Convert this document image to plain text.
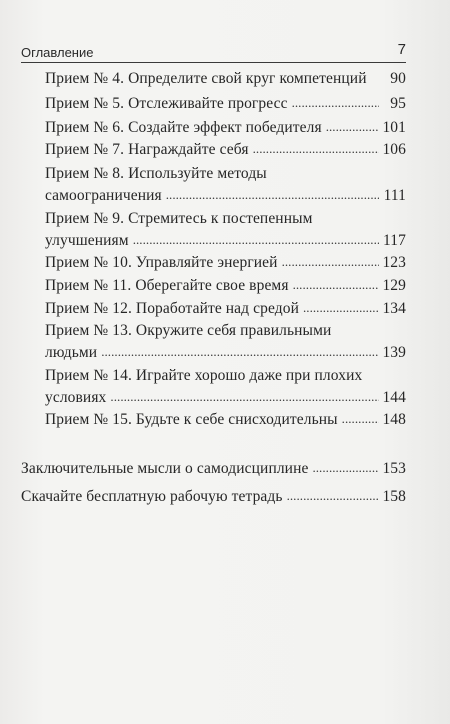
Оглавление	7
Прием № 4. Определите свой круг компетенций	90
Прием № 5. Отслеживайте прогресс . . .	95
Прием № 6. Создайте эффект победителя . . .	101
Прием № 7. Награждайте себя . . .	106
Прием № 8. Используйте методы
самоограничения . . .	111
Прием № 9. Стремитесь к постепенным
улучшениям . . .	117
Прием № 10. Управляйте энергией . . .	123
Прием № 11. Оберегайте свое время . . .	129
Прием № 12. Поработайте над средой . . .	134
Прием № 13. Окружите себя правильными
людьми . . .	139
Прием № 14. Играйте хорошо даже при плохих
условиях . . .	144
Прием № 15. Будьте к себе снисходительны . . .	148
Заключительные мысли о самодисциплине . . .	153
Скачайте бесплатную рабочую тетрадь . . .	158
